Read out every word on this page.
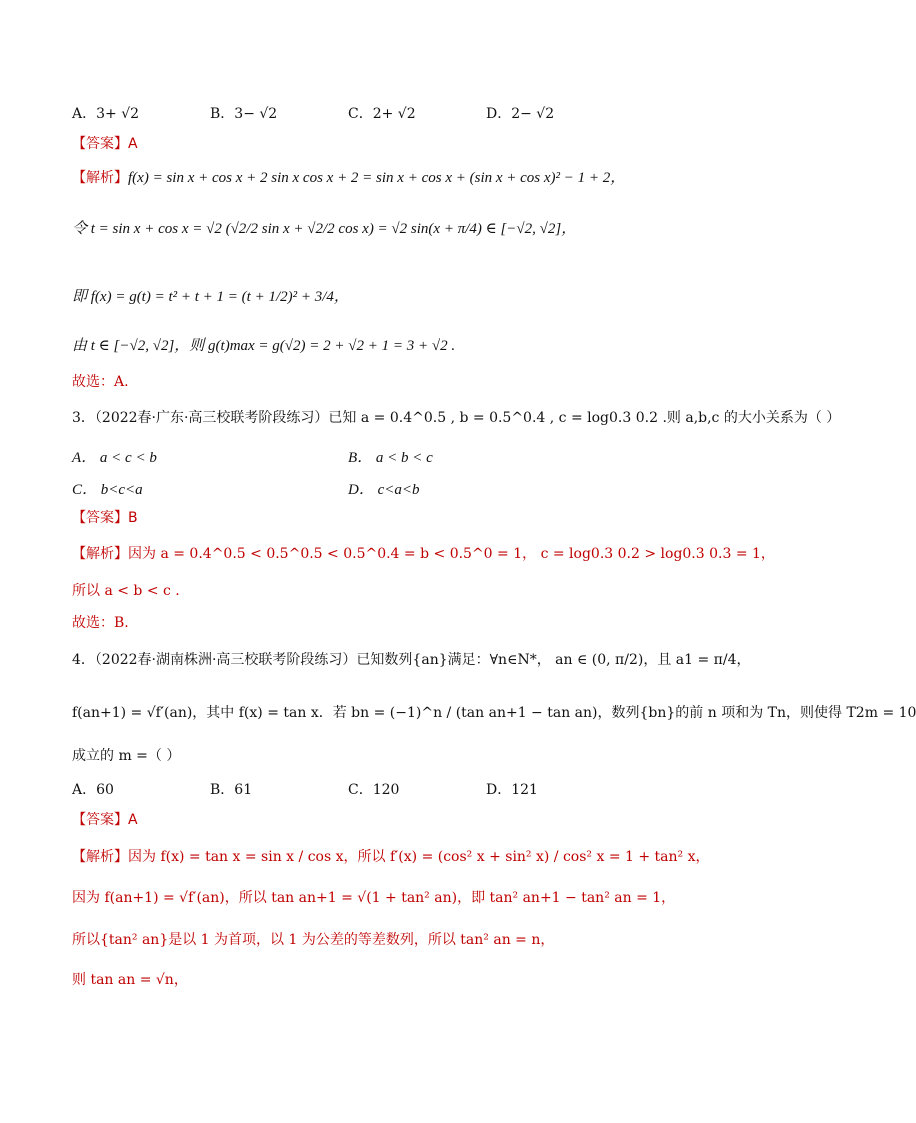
A．3+ √2	B．3− √2	C．2+ √2	D．2− √2
【答案】A
【解析】f(x) = sin x + cos x + 2 sin x cos x + 2 = sin x + cos x + (sin x + cos x)² − 1 + 2，
令 t = sin x + cos x = √2 (√2/2 sin x + √2/2 cos x) = √2 sin(x + π/4) ∈ [−√2, √2]，
即 f(x) = g(t) = t² + t + 1 = (t + 1/2)² + 3/4，
由 t ∈ [−√2, √2]，则 g(t)max = g(√2) = 2 + √2 + 1 = 3 + √2 .
故选：A.
3．（2022春·广东·高三校联考阶段练习）已知 a = 0.4^0.5 , b = 0.5^0.4 , c = log0.3 0.2 .则 a,b,c 的大小关系为（ ）
A． a < c < b	B． a < b < c
C． b<c<a	D． c<a<b
【答案】B
【解析】因为 a = 0.4^0.5 < 0.5^0.5 < 0.5^0.4 = b < 0.5^0 = 1， c = log0.3 0.2 > log0.3 0.3 = 1，
所以 a < b < c .
故选：B.
4．（2022春·湖南株洲·高三校联考阶段练习）已知数列{an}满足：∀n∈N*， an ∈ (0, π/2)，且 a1 = π/4，
f(an+1) = √f′(an)，其中 f(x) = tan x．若 bn = (−1)^n / (tan an+1 − tan an)，数列{bn}的前 n 项和为 Tn，则使得 T2m = 10
成立的 m =（ ）
A．60	B．61	C．120	D．121
【答案】A
【解析】因为 f(x) = tan x = sin x / cos x，所以 f′(x) = (cos² x + sin² x) / cos² x = 1 + tan² x，
因为 f(an+1) = √f′(an)，所以 tan an+1 = √(1 + tan² an)，即 tan² an+1 − tan² an = 1，
所以{tan² an}是以 1 为首项，以 1 为公差的等差数列，所以 tan² an = n，
则 tan an = √n，
